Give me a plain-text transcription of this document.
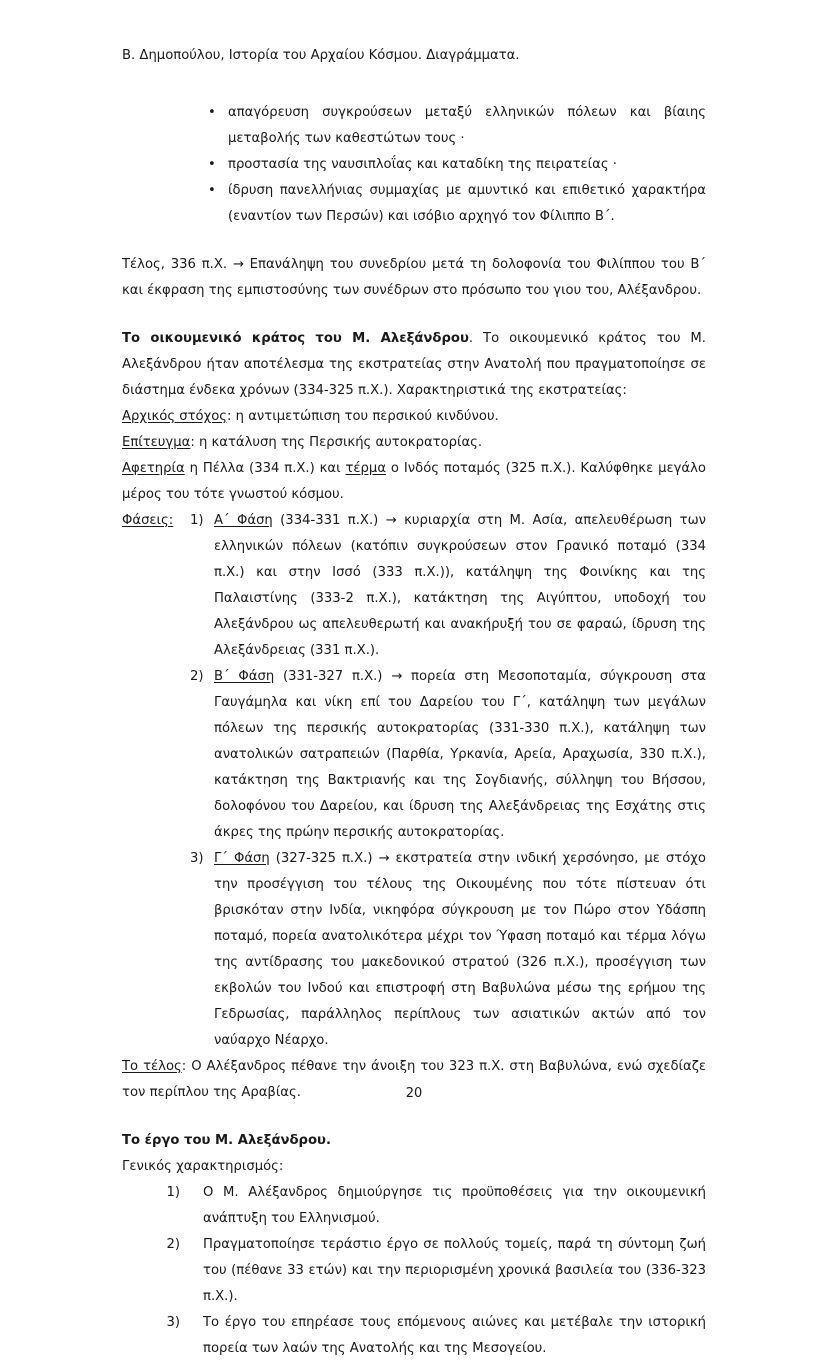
Β. Δημοπούλου, Ιστορία του Αρχαίου Κόσμου. Διαγράμματα.
• απαγόρευση συγκρούσεων μεταξύ ελληνικών πόλεων και βίαιης μεταβολής των καθεστώτων τους ·
• προστασία της ναυσιπλοΐας και καταδίκη της πειρατείας ·
• ίδρυση πανελλήνιας συμμαχίας με αμυντικό και επιθετικό χαρακτήρα (εναντίον των Περσών) και ισόβιο αρχηγό τον Φίλιππο Β΄.

Τέλος, 336 π.Χ. → Επανάληψη του συνεδρίου μετά τη δολοφονία του Φιλίππου του Β΄ και έκφραση της εμπιστοσύνης των συνέδρων στο πρόσωπο του γιου του, Αλέξανδρου.

Το οικουμενικό κράτος του Μ. Αλεξάνδρου. Το οικουμενικό κράτος του Μ. Αλεξάνδρου ήταν αποτέλεσμα της εκστρατείας στην Ανατολή που πραγματοποίησε σε διάστημα ένδεκα χρόνων (334-325 π.Χ.). Χαρακτηριστικά της εκστρατείας:

Αρχικός στόχος: η αντιμετώπιση του περσικού κινδύνου.

Επίτευγμα: η κατάλυση της Περσικής αυτοκρατορίας.

Αφετηρία η Πέλλα (334 π.Χ.) και τέρμα ο Ινδός ποταμός (325 π.Χ.). Καλύφθηκε μεγάλο μέρος του τότε γνωστού κόσμου.

Φάσεις:	1) Α΄ Φάση (334-331 π.Χ.) → κυριαρχία στη Μ. Ασία, απελευθέρωση των ελληνικών πόλεων (κατόπιν συγκρούσεων στον Γρανικό ποταμό (334 π.Χ.) και στην Ισσό (333 π.Χ.)), κατάληψη της Φοινίκης και της Παλαιστίνης (333-2 π.Χ.), κατάκτηση της Αιγύπτου, υποδοχή του Αλεξάνδρου ως απελευθερωτή και ανακήρυξή του σε φαραώ, ίδρυση της Αλεξάνδρειας (331 π.Χ.).
2) Β΄ Φάση (331-327 π.Χ.) → πορεία στη Μεσοποταμία, σύγκρουση στα Γαυγάμηλα και νίκη επί του Δαρείου του Γ΄, κατάληψη των μεγάλων πόλεων της περσικής αυτοκρατορίας (331-330 π.Χ.), κατάληψη των ανατολικών σατραπειών (Παρθία, Υρκανία, Αρεία, Αραχωσία, 330 π.Χ.), κατάκτηση της Βακτριανής και της Σογδιανής, σύλληψη του Βήσσου, δολοφόνου του Δαρείου, και ίδρυση της Αλεξάνδρειας της Εσχάτης στις άκρες της πρώην περσικής αυτοκρατορίας.
3) Γ΄ Φάση (327-325 π.Χ.) → εκστρατεία στην ινδική χερσόνησο, με στόχο την προσέγγιση του τέλους της Οικουμένης που τότε πίστευαν ότι βρισκόταν στην Ινδία, νικηφόρα σύγκρουση με τον Πώρο στον Υδάσπη ποταμό, πορεία ανατολικότερα μέχρι τον Ύφαση ποταμό και τέρμα λόγω της αντίδρασης του μακεδονικού στρατού (326 π.Χ.), προσέγγιση των εκβολών του Ινδού και επιστροφή στη Βαβυλώνα μέσω της ερήμου της Γεδρωσίας, παράλληλος περίπλους των ασιατικών ακτών από τον ναύαρχο Νέαρχο.

Το τέλος: Ο Αλέξανδρος πέθανε την άνοιξη του 323 π.Χ. στη Βαβυλώνα, ενώ σχεδίαζε τον περίπλου της Αραβίας.

Το έργο του Μ. Αλεξάνδρου.

Γενικός χαρακτηρισμός:

1) Ο Μ. Αλέξανδρος δημιούργησε τις προϋποθέσεις για την οικουμενική ανάπτυξη του Ελληνισμού.
2) Πραγματοποίησε τεράστιο έργο σε πολλούς τομείς, παρά τη σύντομη ζωή του (πέθανε 33 ετών) και την περιορισμένη χρονικά βασιλεία του (336-323 π.Χ.).
3) Το έργο του επηρέασε τους επόμενους αιώνες και μετέβαλε την ιστορική πορεία των λαών της Ανατολής και της Μεσογείου.
20
